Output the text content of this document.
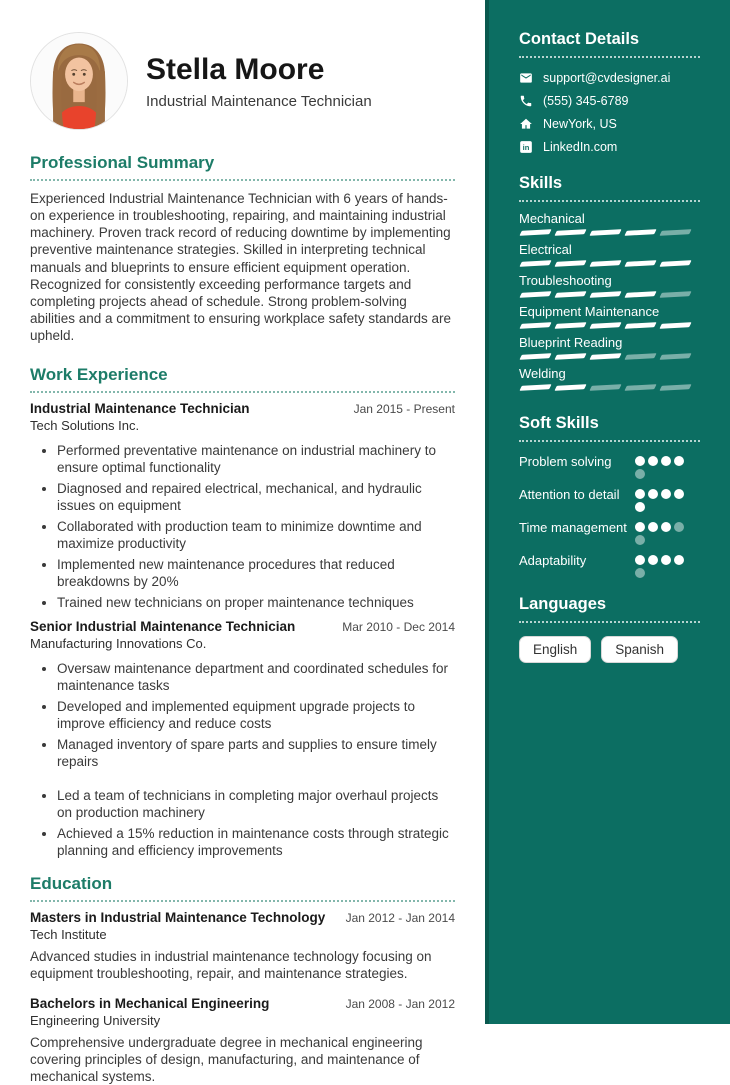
Stella Moore
Industrial Maintenance Technician
Professional Summary

Experienced Industrial Maintenance Technician with 6 years of hands-on experience in troubleshooting, repairing, and maintaining industrial machinery. Proven track record of reducing downtime by implementing preventive maintenance strategies. Skilled in interpreting technical manuals and blueprints to ensure efficient equipment operation. Recognized for consistently exceeding performance targets and completing projects ahead of schedule. Strong problem-solving abilities and a commitment to ensuring workplace safety standards are upheld.

Work Experience
Industrial Maintenance Technician	Jan 2015 - Present
Tech Solutions Inc.
• Performed preventative maintenance on industrial machinery to ensure optimal functionality
• Diagnosed and repaired electrical, mechanical, and hydraulic issues on equipment
• Collaborated with production team to minimize downtime and maximize productivity
• Implemented new maintenance procedures that reduced breakdowns by 20%
• Trained new technicians on proper maintenance techniques
Senior Industrial Maintenance Technician	Mar 2010 - Dec 2014
Manufacturing Innovations Co.
• Oversaw maintenance department and coordinated schedules for maintenance tasks
• Developed and implemented equipment upgrade projects to improve efficiency and reduce costs
• Managed inventory of spare parts and supplies to ensure timely repairs
• Led a team of technicians in completing major overhaul projects on production machinery
• Achieved a 15% reduction in maintenance costs through strategic planning and efficiency improvements
Education
Masters in Industrial Maintenance Technology Jan 2012 - Jan 2014
Tech Institute

Advanced studies in industrial maintenance technology focusing on equipment troubleshooting, repair, and maintenance strategies.

Bachelors in Mechanical Engineering	Jan 2008 - Jan 2012
Engineering University

Comprehensive undergraduate degree in mechanical engineering covering principles of design, manufacturing, and maintenance of mechanical systems.

Contact Details
support@cvdesigner.ai
(555) 345-6789
NewYork, US
in LinkedIn.com
Skills
Mechanical
Electrical
Troubleshooting
Equipment Maintenance
Blueprint Reading
Welding
Soft Skills
Problem solving
Attention to detail
Time management
Adaptability
Languages
English	Spanish
